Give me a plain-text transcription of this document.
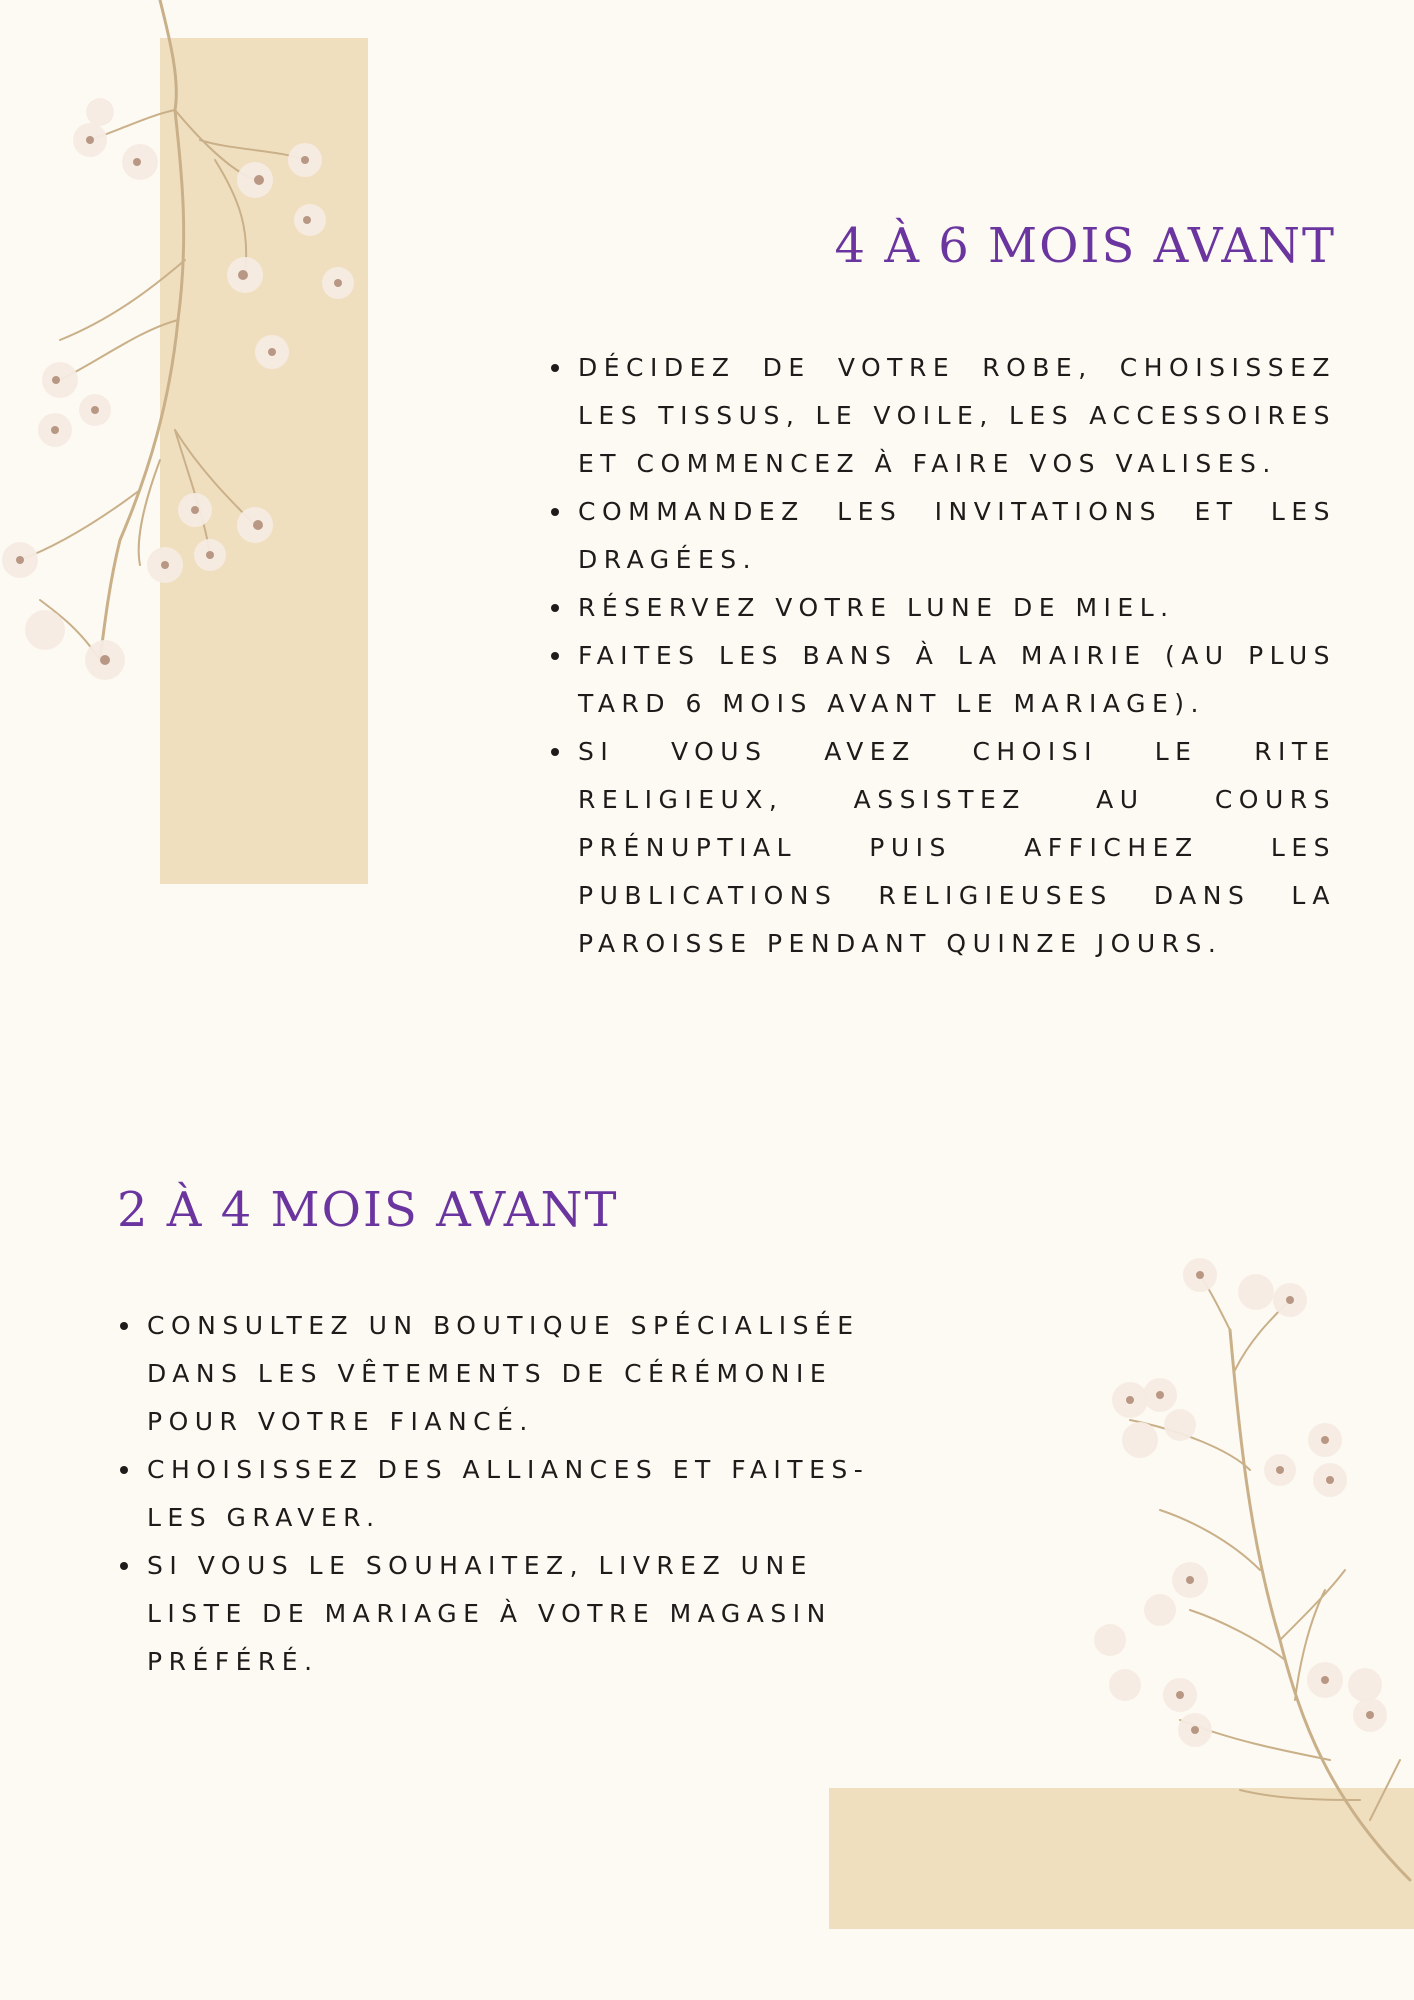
4 À 6 MOIS AVANT
DÉCIDEZ DE VOTRE ROBE, CHOISISSEZ LES TISSUS, LE VOILE, LES ACCESSOIRES ET COMMENCEZ À FAIRE VOS VALISES.
COMMANDEZ LES INVITATIONS ET LES DRAGÉES.
RÉSERVEZ VOTRE LUNE DE MIEL.
FAITES LES BANS À LA MAIRIE (AU PLUS TARD 6 MOIS AVANT LE MARIAGE).
SI VOUS AVEZ CHOISI LE RITE RELIGIEUX, ASSISTEZ AU COURS PRÉNUPTIAL PUIS AFFICHEZ LES PUBLICATIONS RELIGIEUSES DANS LA PAROISSE PENDANT QUINZE JOURS.
2 À 4 MOIS AVANT
CONSULTEZ UN BOUTIQUE SPÉCIALISÉE DANS LES VÊTEMENTS DE CÉRÉMONIE POUR VOTRE FIANCÉ.
CHOISISSEZ DES ALLIANCES ET FAITES-LES GRAVER.
SI VOUS LE SOUHAITEZ, LIVREZ UNE LISTE DE MARIAGE À VOTRE MAGASIN PRÉFÉRÉ.
